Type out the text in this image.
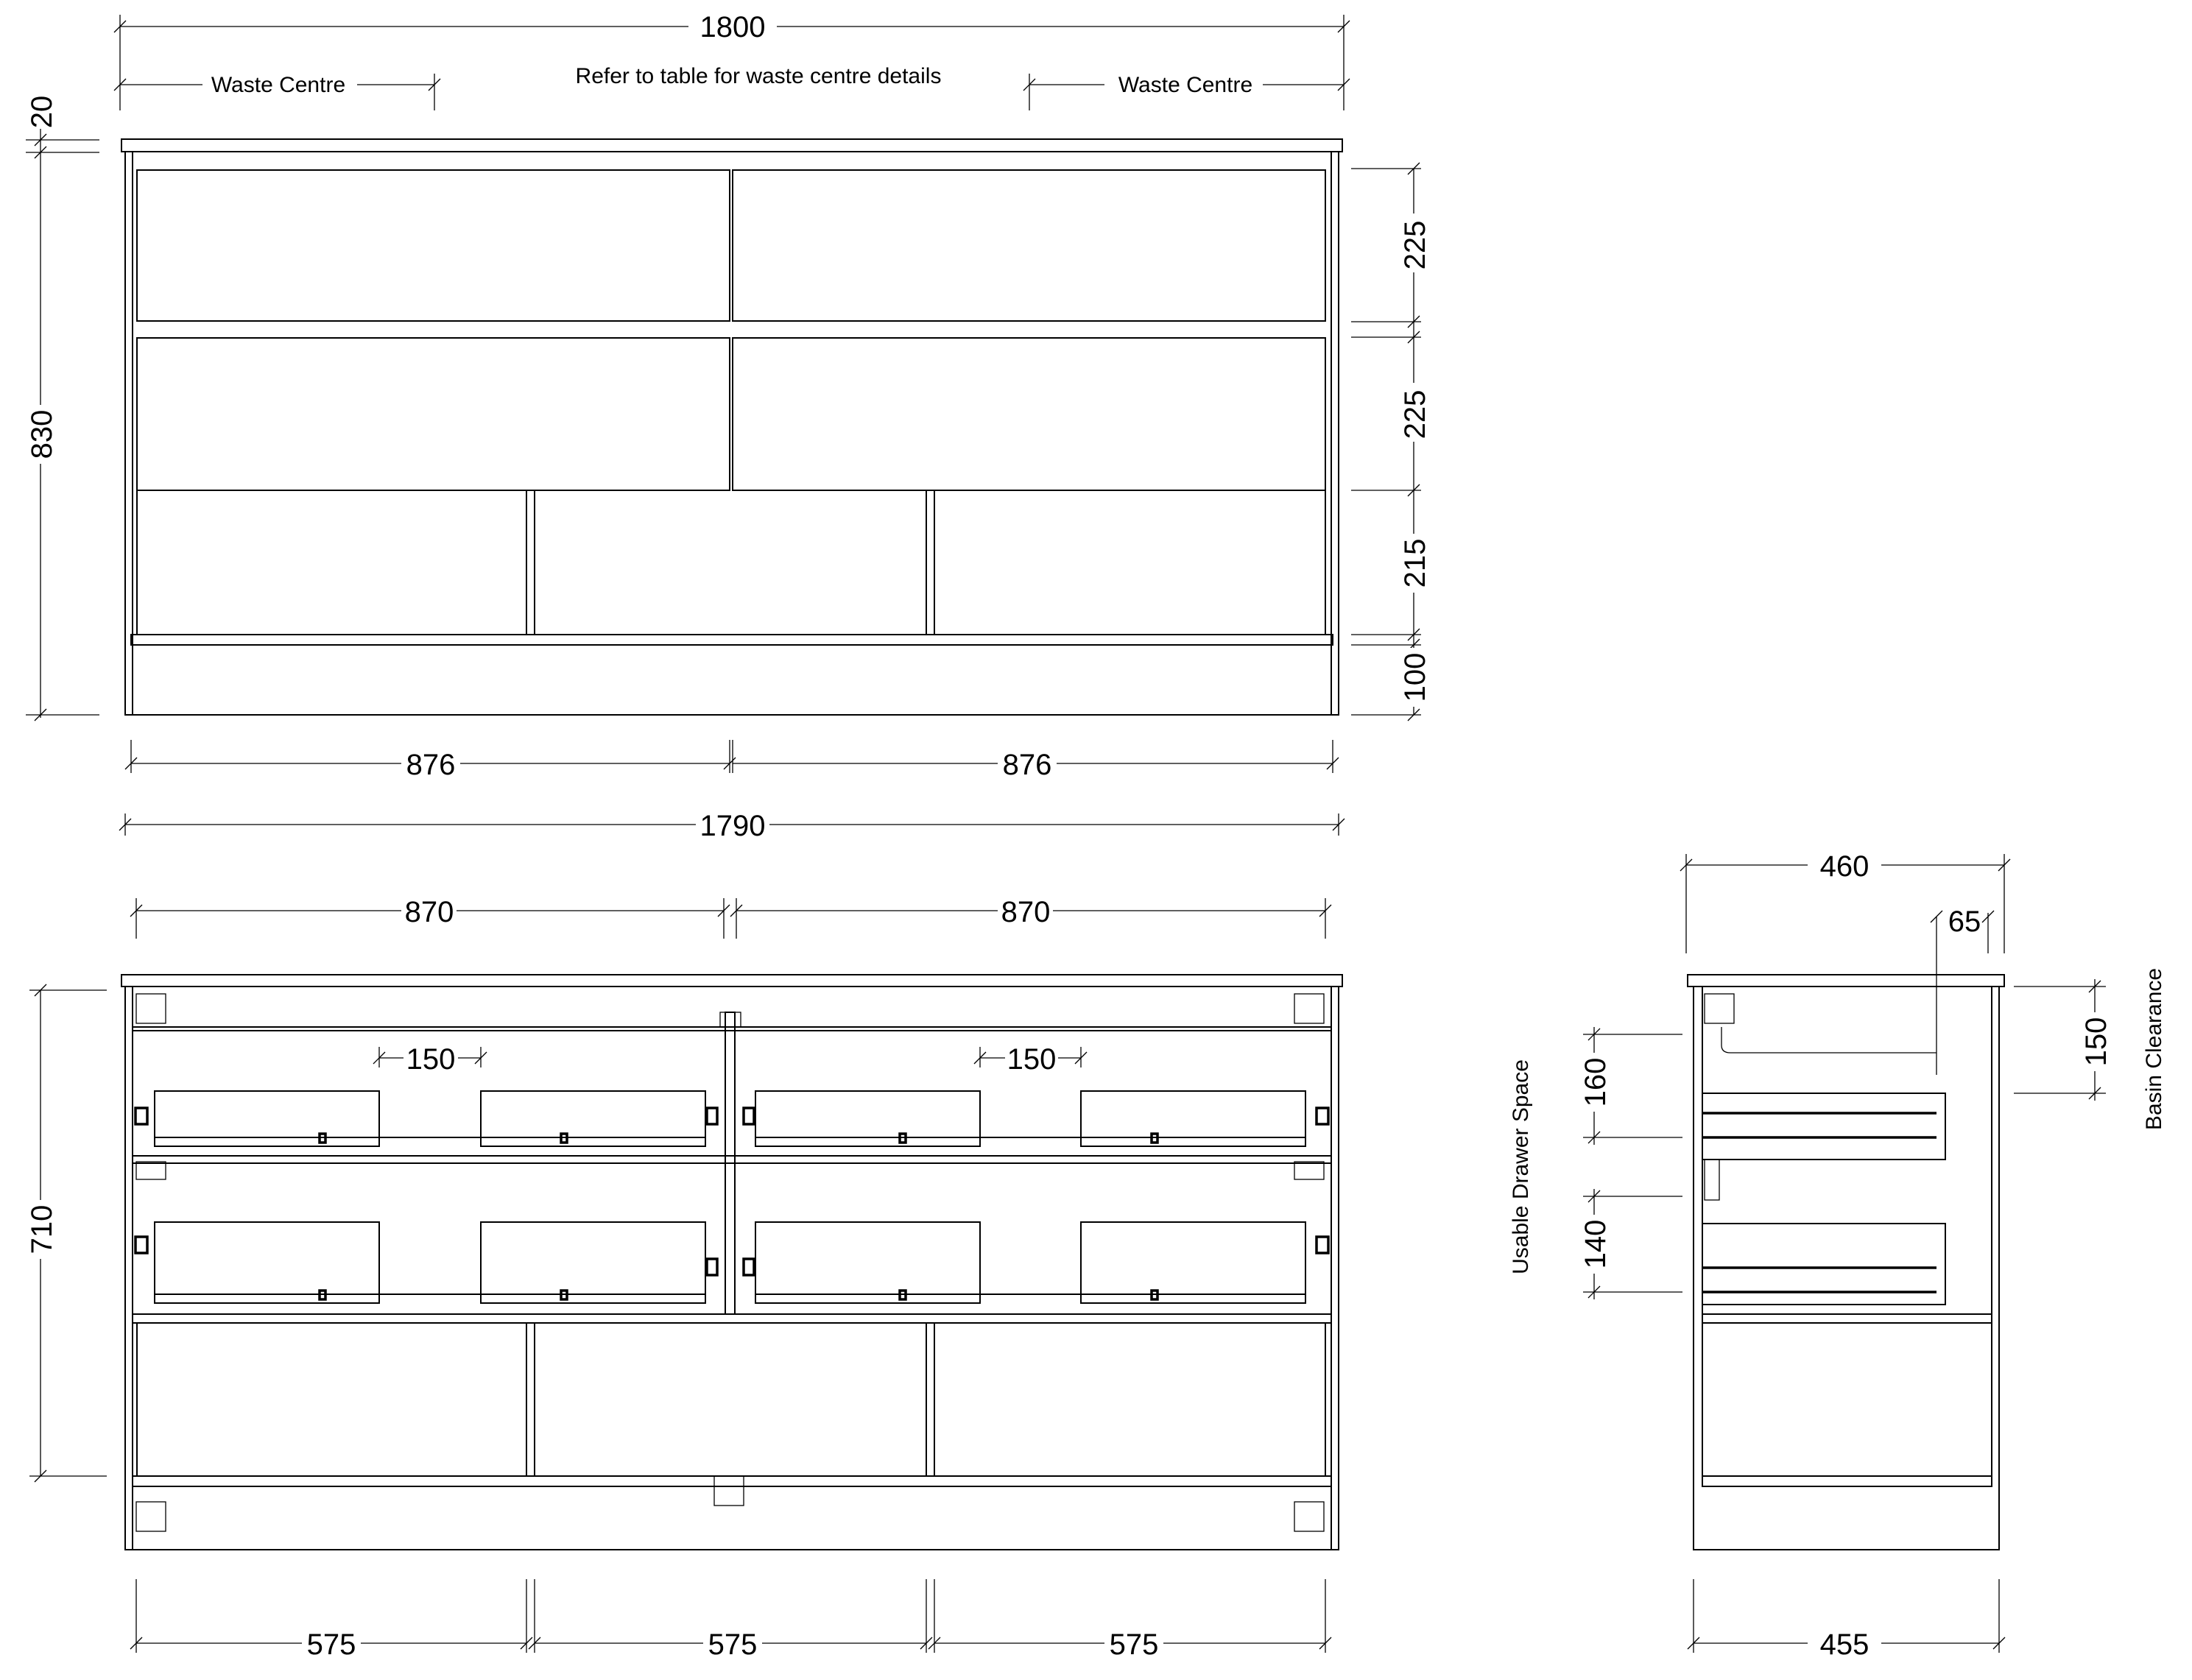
1800
Waste Centre	Waste Centre
Refer to table for waste centre details
20
830
225
225
215
100
876	876
1790
870	870
150	150
710
575	575	575
460
65
160
140
Usable Drawer Space
150 Basin Clearance
455
